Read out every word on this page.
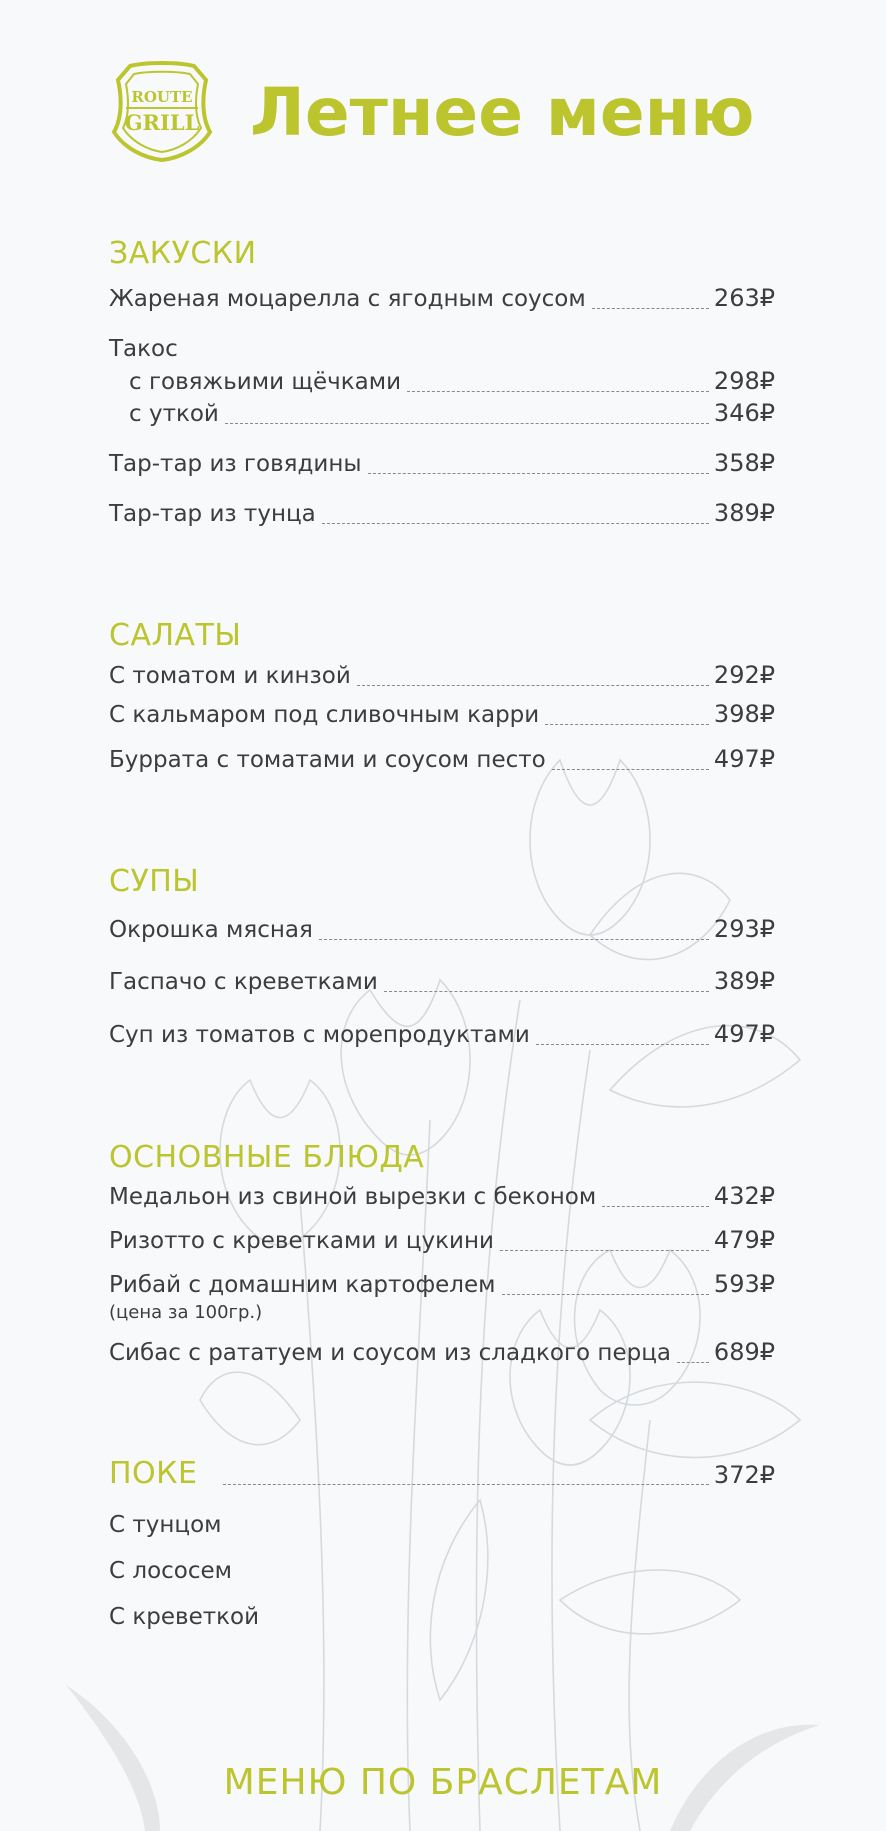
ROUTE
GRILL Летнее меню
ЗАКУСКИ
Жареная моцарелла с ягодным соусом	263₽
Такос
с говяжьими щёчками	298₽
с уткой	346₽
Тар-тар из говядины	358₽
Тар-тар из тунца	389₽
САЛАТЫ
С томатом и кинзой	292₽
С кальмаром под сливочным карри	398₽
Буррата с томатами и соусом песто	497₽
СУПЫ
Окрошка мясная	293₽
Гаспачо с креветками	389₽
Суп из томатов с морепродуктами	497₽
ОСНОВНЫЕ БЛЮДА
Медальон из свиной вырезки с беконом	432₽
Ризотто с креветками и цукини	479₽
Рибай с домашним картофелем	593₽
(цена за 100гр.)
Сибас с рататуем и соусом из сладкого перца 689₽
ПОКЕ	372₽
С тунцом
С лососем
С креветкой
МЕНЮ ПО БРАСЛЕТАМ
